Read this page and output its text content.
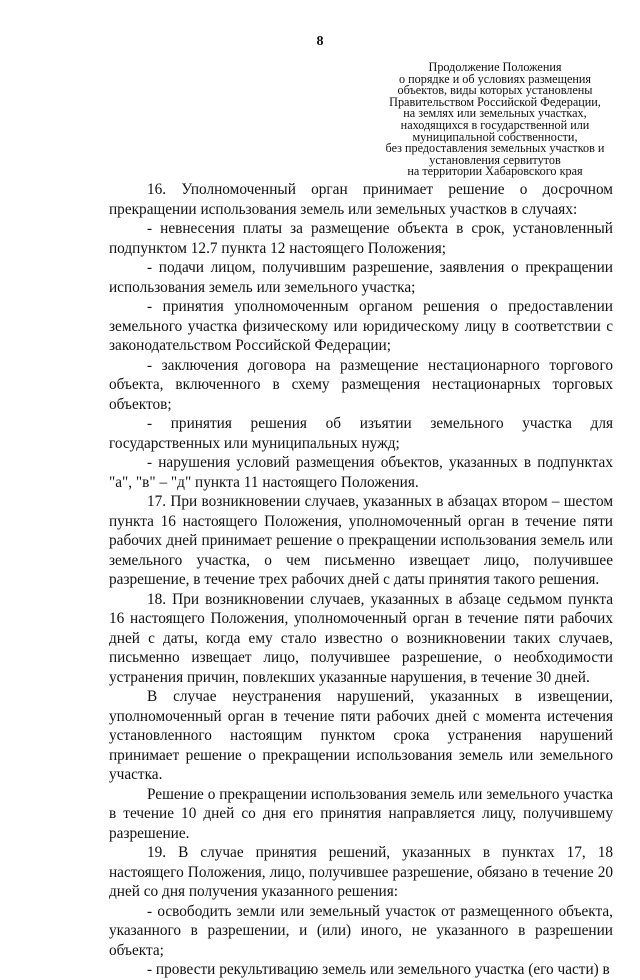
8
Продолжение Положения
о порядке и об условиях размещения
объектов, виды которых установлены
Правительством Российской Федерации,
на землях или земельных участках,
находящихся в государственной или
муниципальной собственности,
без предоставления земельных участков и
установления сервитутов
на территории Хабаровского края

16. Уполномоченный орган принимает решение о досрочном прекращении использования земель или земельных участков в случаях:

- невнесения платы за размещение объекта в срок, установленный подпунктом 12.7 пункта 12 настоящего Положения;

- подачи лицом, получившим разрешение, заявления о прекращении использования земель или земельного участка;

- принятия уполномоченным органом решения о предоставлении земельного участка физическому или юридическому лицу в соответствии с законодательством Российской Федерации;

- заключения договора на размещение нестационарного торгового объекта, включенного в схему размещения нестационарных торговых объектов;

- принятия решения об изъятии земельного участка для государственных или муниципальных нужд;

- нарушения условий размещения объектов, указанных в подпунктах "а", "в" – "д" пункта 11 настоящего Положения.

17. При возникновении случаев, указанных в абзацах втором – шестом пункта 16 настоящего Положения, уполномоченный орган в течение пяти рабочих дней принимает решение о прекращении использования земель или земельного участка, о чем письменно извещает лицо, получившее разрешение, в течение трех рабочих дней с даты принятия такого решения.

18. При возникновении случаев, указанных в абзаце седьмом пункта 16 настоящего Положения, уполномоченный орган в течение пяти рабочих дней с даты, когда ему стало известно о возникновении таких случаев, письменно извещает лицо, получившее разрешение, о необходимости устранения причин, повлекших указанные нарушения, в течение 30 дней.

В случае неустранения нарушений, указанных в извещении, уполномоченный орган в течение пяти рабочих дней с момента истечения установленного настоящим пунктом срока устранения нарушений принимает решение о прекращении использования земель или земельного участка.

Решение о прекращении использования земель или земельного участка в течение 10 дней со дня его принятия направляется лицу, получившему разрешение.

19. В случае принятия решений, указанных в пунктах 17, 18 настоящего Положения, лицо, получившее разрешение, обязано в течение 20 дней со дня получения указанного решения:

- освободить земли или земельный участок от размещенного объекта, указанного в разрешении, и (или) иного, не указанного в разрешении объекта;

- провести рекультивацию земель или земельного участка (его части) в
